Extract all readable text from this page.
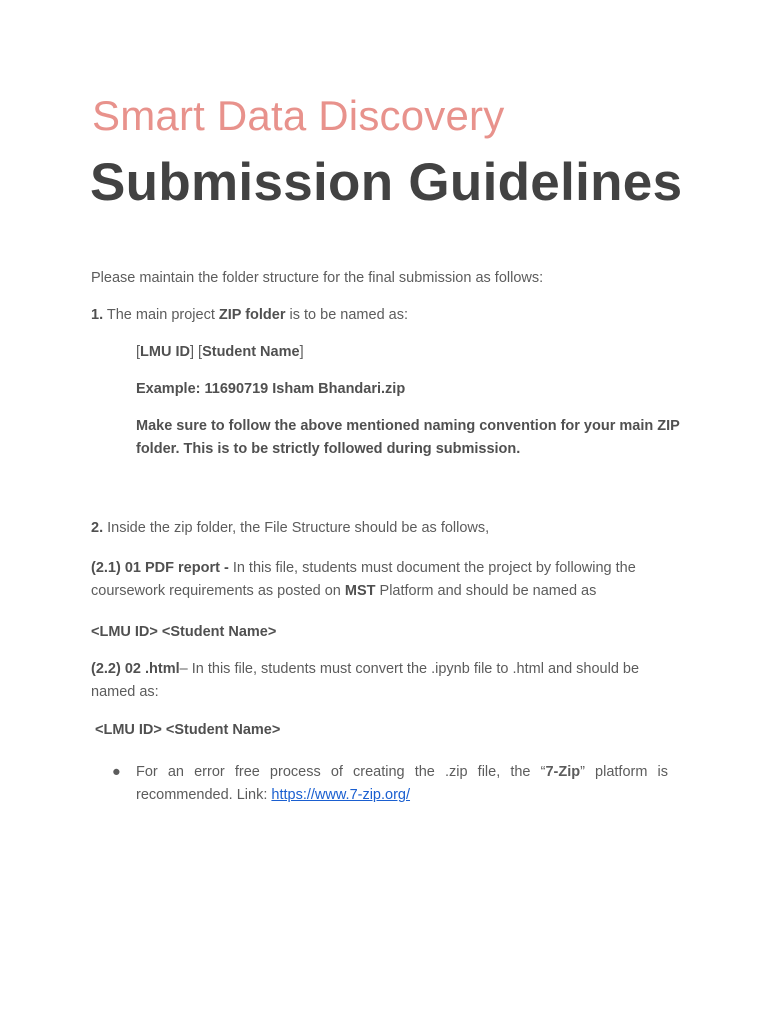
Smart Data Discovery
Submission Guidelines
Please maintain the folder structure for the final submission as follows:
1. The main project ZIP folder is to be named as:
[LMU ID] [Student Name]
Example: 11690719 Isham Bhandari.zip
Make sure to follow the above mentioned naming convention for your main ZIP folder. This is to be strictly followed during submission.
2. Inside the zip folder, the File Structure should be as follows,
(2.1) 01 PDF report - In this file, students must document the project by following the coursework requirements as posted on MST Platform and should be named as
<LMU ID> <Student Name>
(2.2) 02 .html– In this file, students must convert the .ipynb file to .html and should be named as:
<LMU ID> <Student Name>
● For an error free process of creating the .zip file, the “7-Zip” platform is recommended. Link: https://www.7-zip.org/
